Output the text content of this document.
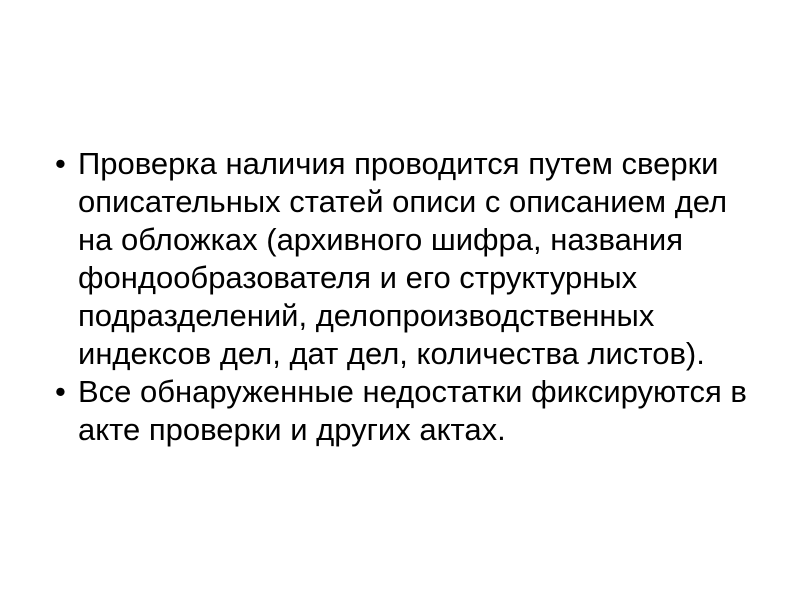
• Проверка наличия проводится путем сверки
описательных статей описи с описанием дел
на обложках (архивного шифра, названия
фондообразователя и его структурных
подразделений, делопроизводственных
индексов дел, дат дел, количества листов).
• Все обнаруженные недостатки фиксируются в
акте проверки и других актах.
